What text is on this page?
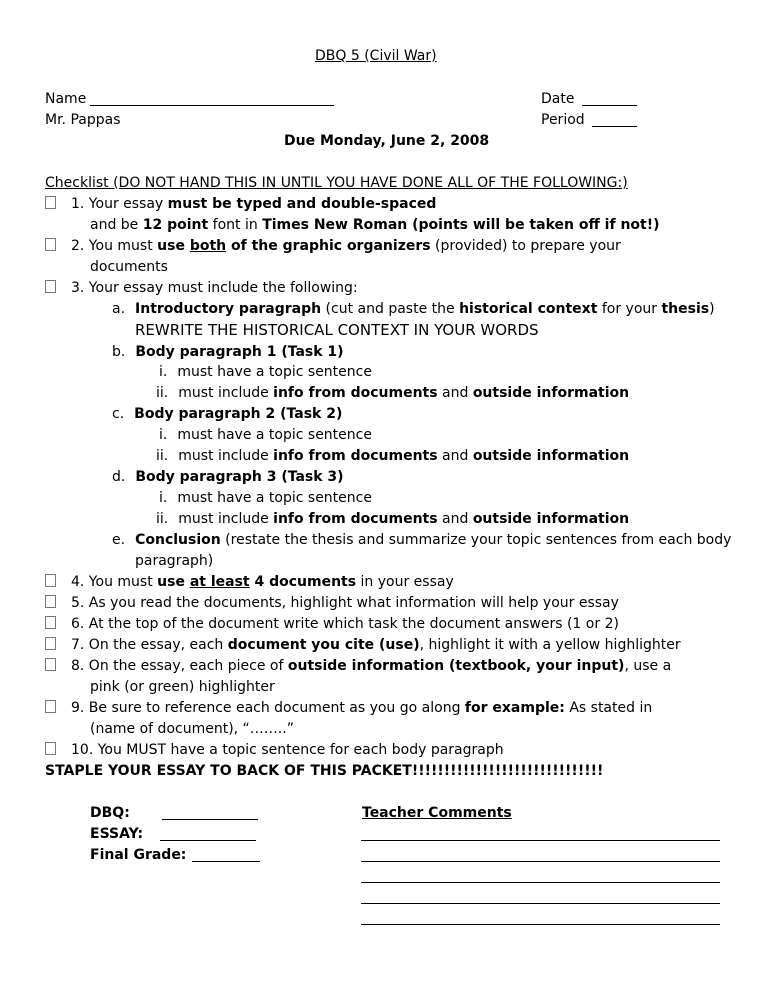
DBQ 5 (Civil War)
Name	Date
Mr. Pappas	Period
Due Monday, June 2, 2008
Checklist (DO NOT HAND THIS IN UNTIL YOU HAVE DONE ALL OF THE FOLLOWING:)
1. Your essay must be typed and double-spaced
and be 12 point font in Times New Roman (points will be taken off if not!)
2. You must use both of the graphic organizers (provided) to prepare your
documents
3. Your essay must include the following:
a. Introductory paragraph (cut and paste the historical context for your thesis)
REWRITE THE HISTORICAL CONTEXT IN YOUR WORDS
b. Body paragraph 1 (Task 1)
i. must have a topic sentence
ii. must include info from documents and outside information
c. Body paragraph 2 (Task 2)
i. must have a topic sentence
ii. must include info from documents and outside information
d. Body paragraph 3 (Task 3)
i. must have a topic sentence
ii. must include info from documents and outside information
e. Conclusion (restate the thesis and summarize your topic sentences from each body
paragraph)
4. You must use at least 4 documents in your essay
5. As you read the documents, highlight what information will help your essay
6. At the top of the document write which task the document answers (1 or 2)
7. On the essay, each document you cite (use), highlight it with a yellow highlighter
8. On the essay, each piece of outside information (textbook, your input), use a
pink (or green) highlighter
9. Be sure to reference each document as you go along for example: As stated in
(name of document), “……..”
10. You MUST have a topic sentence for each body paragraph
STAPLE YOUR ESSAY TO BACK OF THIS PACKET!!!!!!!!!!!!!!!!!!!!!!!!!!!!!!
DBQ:
ESSAY:
Final Grade:
Teacher Comments
